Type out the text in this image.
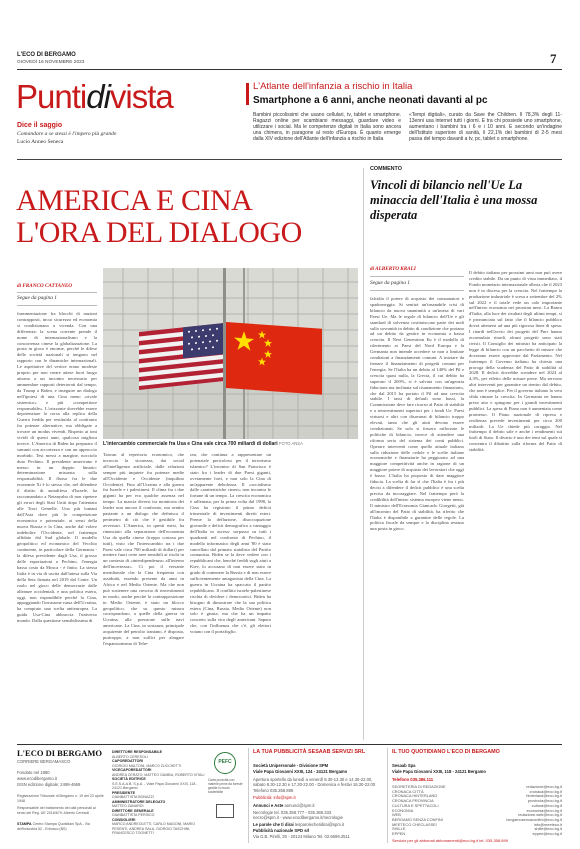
L'ECO DI BERGAMO
GIOVEDÌ 16 NOVEMBRE 2023	7
Puntidivista
Dice il saggio
Comandare a se stessi è l'impero più grande
Lucio Anneo Seneca
L'Atlante dell'infanzia a rischio in Italia
Smartphone a 6 anni, anche neonati davanti al pc
Bambini piccolissimi che usano cellulari, tv, tablet e smartphone. Ragazzi online per scambiarsi messaggi, guardare video e utilizzare i social. Ma le competenze digitali in Italia sono ancora una chimera, in paragone al resto d'Europa. È quanto emerge dalla XIV edizione dell'Atlante dell'infanzia a rischio in Italia
«Tempi digitali», curato da Save the Children. Il 78,3% degli 11-13enni usa internet tutti i giorni. E tra chi possiede uno smartphone, aumentano i bambini tra i 6 e i 10 anni. E secondo un'indagine dell'Istituto superiore di sanità, il 22,1% dei bambini di 2-5 mesi passa del tempo davanti a tv, pc, tablet o smartphone.
AMERICA E CINA
L'ORA DEL DIALOGO
di FRANCO CATTANEO
Segue da pagina 1
frammentazione fra blocchi di nazioni contrapposti, incui sicurezza ed economia si condizionano a vicenda. Con una differenza: la scena corrente prende il nome di internazionalismo e la concorrenza cinese la globalizzazione. La posta in gioco è enorme, perché le difese delle società nazionali si tengono nel rapporto con le dinamiche internazionali. Le aspettative del vertice erano modeste proprio per non creare attese fuori luogo attorno a un incontro necessario per ammendare rapporti deteriorati dal tempo, da Trump a Biden, e inseguire un dialogo nell'ipotesi di una Cina meno «rivale sistemico» e più «competitore responsabile». L'orizzonte dovrebbe essere depotenziare la corsa alla replica della Guerra fredda per restituirla al confronto fra potenze alternative, ma obbligate a trovare un modus vivendi. Rispetto ai toni vividi di questi anni, qualcosa migliora invece. L'America di Biden ha preparato il summit con accortezza e con un approccio morbido. Tesi messi a margine, nocciolo duro Pechino. Il presidente americano è messo in un doppio binario: determinazione misurata sulla responsabilità. Il flusso fra le due economie Xi è lo stesso che, nel difendere il diritto di autodifesa d'Israele, ha raccomandato a Netanyahu di non ripetere gli errori degli Stati Uniti dopo l'attentato alle Torri Gemelle. Uno più lontani dall'Asia dove più lo competizione economica e potenziale, ai sensi della nuova Russia e la Cina, anche dal volere indebolire l'Occidente, nel frattempo affidato dal Sud globale. Il modello geopolitico ed economico del Vecchio continente, in particolare della Germania - la difesa previdente dagli Usa, il grosso delle esportazioni a Pechino, l'energia bassa costo da Mosca - è finito. La stessa Italia è in via di uscita dall'intesa sulla Via della Seta firmata nel 2019 dal Conte. Un ruolo nel gioco delle democrazie dalle alleanze occidentali, e una politica estera, oggi, non rispondibile perché la Cina, appoggiando l'invasione russa dell'Ucraina, ha compiuto una scelta antieuropea. La guida Usa-Cina abbraccia l'universo mondo. Dalla questione sensibilissima di
L'intercambio commerciale fra Usa e Cina vale circa 700 miliardi di dollari FOTO ANSA
Taiwan al repertorio economico, che incrocia la sicurezza, dai social all'intelligenza artificiale, dalle relazioni sempre più inquiete fra potenze medie all'Occidente e Occidente (inquilino Occidente). Fino all'Ucraina e alla guerra fra Israele e i palestinesi. Il clima fra i due giganti ha per eco qualche assenza nel tempo. La marcia diversi tra monitoria dei leader non ancora il confronto, ma sentito pasiante a un dialogo che definisca il perimetro di ciò che è gestibile fra avversari. L'America, in questi mesi, ha rinunciato alla separazione dell'economia Usa da quella cinese (troppo costosa per tutti), visto che l'interscambio tra i due Paesi vale circa 700 miliardi di dollari) per mettere fuori certe aree sensibili ai rischi in un contesto di «interdipendenza» all'interno dell'incertezza». Ci poi il versante meridionale che la Cina frequenta con assiduità, essendo presente da anni in Africa e nel Medio Oriente. Ma che non può sostenere una crescita di rinvestimenti in modo, anche perché la contrapposizione in Medio Oriente, è stato un blocco geopolitico, che su questo misura corrispondono, a quelle della guerra in Ucraina, alla pressione sulle navi americane. La Cina, in sostanza, principale acquirente del petrolio iraniano, è disposta, purtroppo, a non suffici per alargare l'espansionismo di Tehe-
ran, che continua a rappresentare un potenziale pericoloso per il terrorismo islamico? L'incontro di San Francisco è stato fra i leader di due Paesi giganti, ovviamente forti, e non solo la Cina di un'apparente debolezza. Il «socialismo dalle caratteristiche cinesi» non incontra le fortune di un tempo. La crescita economica è rallentata, per la prima volta dal 1998, la Cina ha registrato il primo deficit trimestrale di investimenti diretti esteri. Preme la deflazione, disoccupazione giovanile e deficit demografico a vantaggio dell'India in ascesa: sorpasso su tutti i quadranti nel confronto di Pechino, il modello informatico degli anni '80 è stato cancellato dal primato statalista del Partito comunista. Biden se la deve vedere con i repubblicani che, benché freddi sugli aiuti a Kiev, lo accusano di non essere stato in grado di contenere la Russia e di non essere sufficientemente antagonista della Cina. La guerra in Ucraina ha spaccato il partito repubblicano. Il conflitto israelo-palestinese rischia di dividere i democratici. Biden ha bisogno di dimostrare che la sua politica estera (Cina, Russia, Medio Oriente) non solo è giusta, ma che ha un impatto concreto sulla vita degli americani. Saputo che, con l'influenza che c'è, gli elettori votano con il portafoglio.
COMMENTO
Vincoli di bilancio nell'Ue La minaccia dell'Italia è una mossa disperata
di ALBERTO KRALI
Segue da pagina 1
falcidia il potere di acquisto dei consumatori e spadroneggia. Si sentirà un'insanabile crisi di bilancio da nuova unanimità a un'intesa di vari Paesi Ue. Ma le regole di bilancio dell'Ue e gli standard di solvenza costituiscono parte dei nodi sulla sovranità in debito di condizione che portano ad un debito da gestire in economia a bassa crescita. Il Next Generation Eu è il modello di riferimento ai Paesi del Nord Europa e la Germania non intende accedere se non a limitate condizioni a finanziamenti comuni. A iniziare da frenare il finanziamento di progetti comuni per l'energia. Se l'Italia ha un debito al 140% del Pil e crescita quasi nulla, la Grecia, il cui debito ha superato il 200%, si è salvata con un'agenzia fiduciaria ma inclinata sul risanamento finanziario, che dal 2015 ha portato il Pil ad una crescita stabile. I tassi di default sono bassi, la Commissione deve fare ricorso al Patto di stabilità e a reinvestimenti superiori per i fondi Ue. Paesi virtuosi e altri con disavanzi di bilancio troppo elevati, tanto che gli aiuti devono essere condizionati. Se solo si fossero rafforzate le politiche di bilancio, invece di attendere una riforma seria del sistema dei conti pubblici. Operare interventi come quello attuale italiano sulla riduzione delle cedole e le scelte italiane economiche e finanziarie ha peggiorato ad una maggiore competitività anche in ragione di un maggiore potere di acquisto dei lavoratori che oggi è basso. L'Italia ha proposto di dare maggiore fiducia. La scelta di far sì che l'Italia è fra i più decisi a difendere il deficit pubblico è una scelta precisa da incoraggiare. Nel frattempo però la credibilità dell'intero sistema europeo viene meno. Il ministro dell'Economia Giancarlo Giorgetti, già all'incontro del Patto di stabilità, ha riferito che l'Italia è disponibile a garantire delle regole. La politica fiscale da sempre e la disciplina restano una posta in gioco.
Il debito italiano per prossimi anni non può avere credito stabile. Da un punto di vista immediato, il Fondo monetario internazionale allerta che il 2023 non è in discesa per la crescita. Nel frattempo la produzione industriale è scesa a settembre del 2% sul 2022 e il totale vede un calo importante nell'intero economia nei prossimi mesi. La Banca d'Italia, alla luce dei risultati degli ultimi tempi, si è pronunciata sul fatto che il bilancio pubblico dovrà attenersi ad una più rigorosa linea di spesa. I ritardi nell'avvio dei progetti del Pnrr hanno accumulato ritardi, alcuni progetti sono stati rivisti. Il Consiglio dei ministri ha anticipato la legge di bilancio con un pacchetto di misure che dovranno essere approvate dal Parlamento. Nel frattempo il Governo italiano ha chiesto una proroga della scadenza del Patto di stabilità al 2028. Il deficit dovrebbe scendere nel 2024 al 4,3%, per effetto delle misure prese. Ma servono altri interventi per garantire un rientro dal debito, che non è semplice. Per il governo italiano la vera sfida rimane la crescita. In Germania ne hanno preso atto e spingono per i grandi investimenti pubblici. La spesa di Piano non è aumentata come promesso. Il Piano nazionale di ripresa e resilienza prevede investimenti per circa 200 miliardi. La Ue chiede più coraggio. Nel frattempo il debito sale e anche i rendimenti sui titoli di Stato. Il divario è uno dei temi sul quale si concentra il dibattito sulla riforma del Patto di stabilità.
L'ECO DI BERGAMO
CORRIERE BERGAMASCO
Fondato nel 1880
www.ecodibergamo.it
ISSN edizione digitale: 2499-4669
Registrazione Tribunale di Bergamo n. 19 del 23 aprile 1948
Responsabile del trattamento dei dati personali ai sensi del Reg. UE 2016/679: Alberto Ceresoli
STAMPA Centro Stampa Quotidiani SpA - Via dell'Industria 52 - Erbusco (BS)
DIRETTORE RESPONSABILE
ALBERTO CERESOLI
CAPOREDATTORI
GIORGIO MALTONI, MARCO ZUCCHETTI
VICECAPOREDATTORI
ANDREA CERATO, MATTEO GAMBA, ROBERTO VITALI
SOCIETÀ EDITRICE
S.E.S.A.A.B. S.p.A. - Viale Papa Giovanni XXIII, 118 - 24121 Bergamo
PRESIDENTE
GIANBATTISTA BONAZZI
AMMINISTRATORE DELEGATO
MATTEO ZANARDI
DIRETTORE GENERALE
GIANBATTISTA PERSICO
CONSIGLIERI
MARCO ANDREOLETTI, CARLO MAGONI, MARIO PESENTI, ANDREA SALA, GIORGIO TASCHINI, FRANCESCO TOGNETTI
PEFC
Carta prodotta con materie prime da foreste gestite in modo sostenibile
LA TUA PUBBLICITÀ SESAAB SERVIZI SRL
Società Unipersonale - Divisione SPM
Viale Papa Giovanni XXIII, 124 - 24121 Bergamo
Apertura sportello da lunedì a venerdì 8.30-12.30 e 14.30-22.00, sabato 8.30-12.30 e 17.30-22.00 - Domenica e festivi 16.30-22.00 Telefono 035.358.888
Pubblicità: info@spm.it
Annunci e Aste annunci@spm.it
Necrologie tel. 035.358.777 - 035.386.333
necro@spm.it - www.ecodibergamo.it/necrologie
Le parole che ti dirai lesparolechetidirai@spm.it
Pubblicità nazionale SPD srl
Via G.B. Pirelli, 30 - 20124 Milano Tel. 02.6699.2511
IL TUO QUOTIDIANO L'ECO DI BERGAMO
Sesaab Spa
Viale Papa Giovanni XXIII, 118 - 24121 Bergamo
Telefono 035.386.111
SEGRETERIA DI REDAZIONE	redazione@eco.bg.it
CRONACA CITTÀ	cronaca@eco.bg.it
CRONACA HINTERLAND	hinterland@eco.bg.it
CRONACA PROVINCIA	provincia@eco.bg.it
CULTURA E SPETTACOLI	cultura@eco.bg.it
ECONOMIA	economia@eco.bg.it
WEB	redazione.web@eco.bg.it
BERGAMO SENZA CONFINI	bergamosenzaconfini@eco.bg.it
MEETECO CHECLASSE!	info@meeteco.it
SHILLE	shille@eco.bg.it
EPPEN	eppen@eco.bg.it
Servizio per gli abbonati abbonamenti@eco.bg.it tel. 035.358.899
